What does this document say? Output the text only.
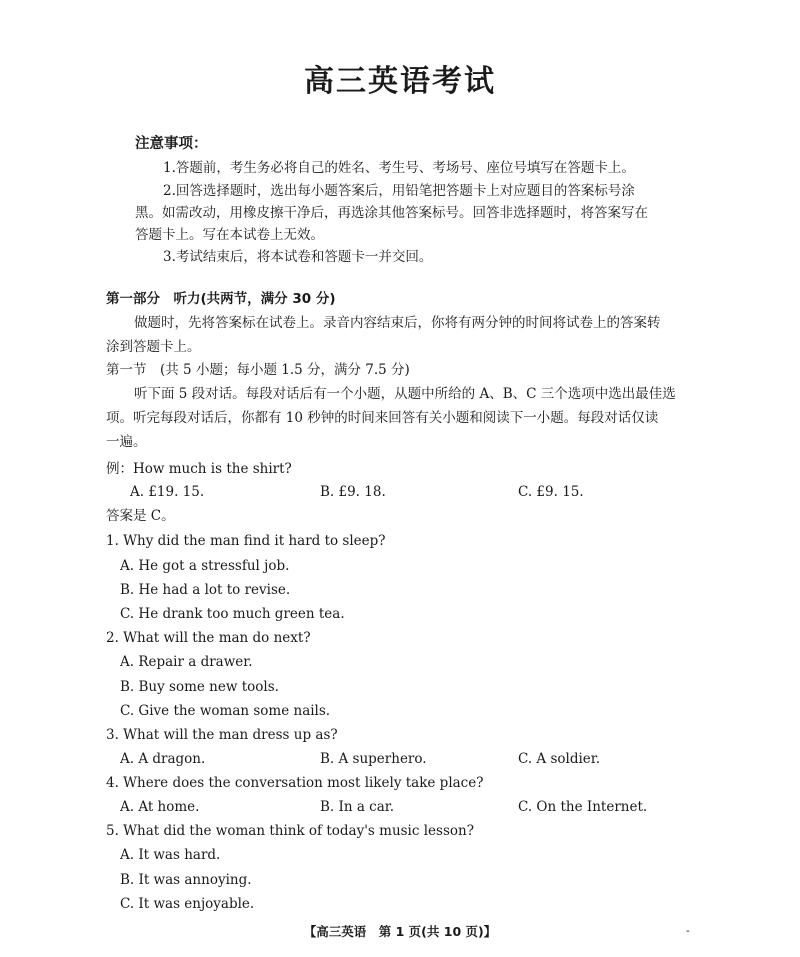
高三英语考试
注意事项：
1.答题前，考生务必将自己的姓名、考生号、考场号、座位号填写在答题卡上。
2.回答选择题时，选出每小题答案后，用铅笔把答题卡上对应题目的答案标号涂
黑。如需改动，用橡皮擦干净后，再选涂其他答案标号。回答非选择题时，将答案写在
答题卡上。写在本试卷上无效。
3.考试结束后，将本试卷和答题卡一并交回。
第一部分　听力(共两节，满分 30 分)
做题时，先将答案标在试卷上。录音内容结束后，你将有两分钟的时间将试卷上的答案转
涂到答题卡上。
第一节　(共 5 小题；每小题 1.5 分，满分 7.5 分)
听下面 5 段对话。每段对话后有一个小题，从题中所给的 A、B、C 三个选项中选出最佳选
项。听完每段对话后，你都有 10 秒钟的时间来回答有关小题和阅读下一小题。每段对话仅读
一遍。
例：How much is the shirt?
A. £19. 15.	B. £9. 18.	C. £9. 15.
答案是 C。
1. Why did the man find it hard to sleep?
A. He got a stressful job.
B. He had a lot to revise.
C. He drank too much green tea.
2. What will the man do next?
A. Repair a drawer.
B. Buy some new tools.
C. Give the woman some nails.
3. What will the man dress up as?
A. A dragon.	B. A superhero.	C. A soldier.
4. Where does the conversation most likely take place?
A. At home.	B. In a car.	C. On the Internet.
5. What did the woman think of today's music lesson?
A. It was hard.
B. It was annoying.
C. It was enjoyable.
【高三英语　第 1 页(共 10 页)】	-
